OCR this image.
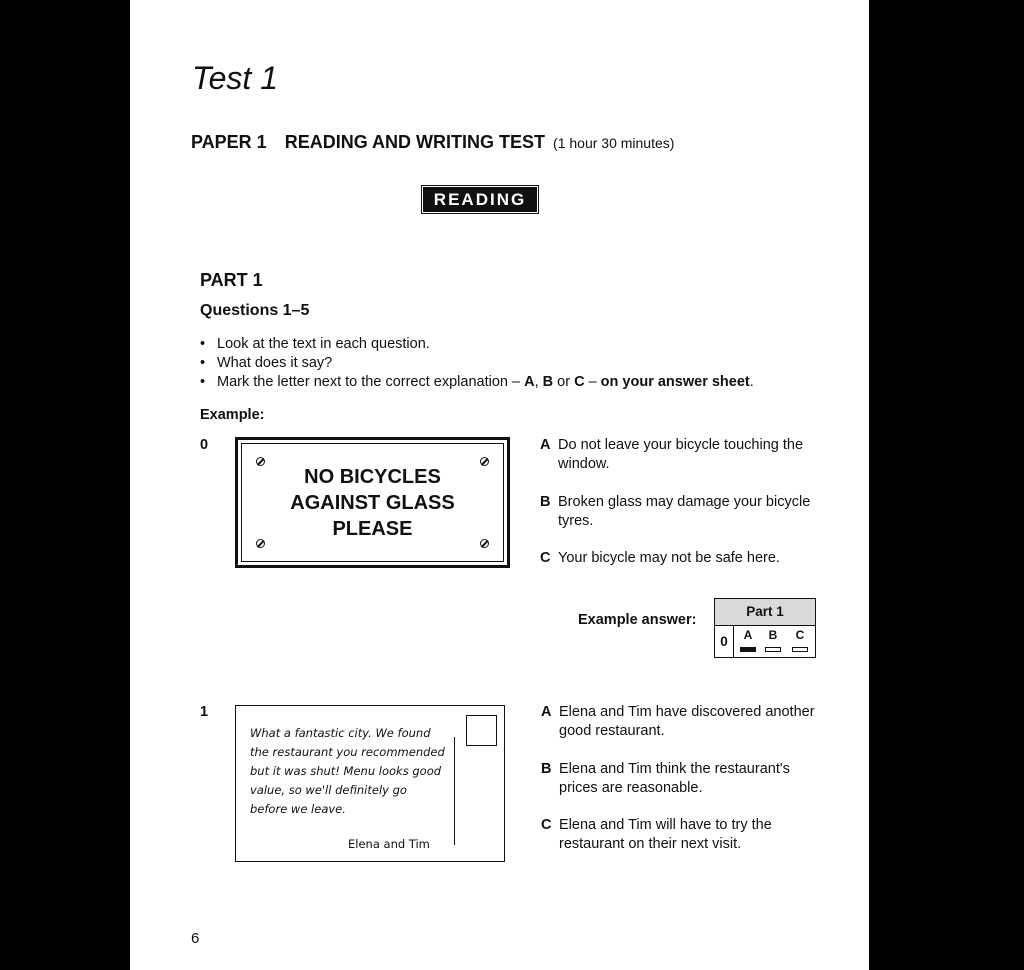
Test 1
PAPER 1 READING AND WRITING TEST (1 hour 30 minutes)
READING
PART 1
Questions 1–5
• Look at the text in each question.
• What does it say?
• Mark the letter next to the correct explanation – A, B or C – on your answer sheet.
Example:
0
NO BICYCLES
AGAINST GLASS
PLEASE
A Do not leave your bicycle touching the window.
B Broken glass may damage your bicycle tyres.
C Your bicycle may not be safe here.
Example answer:
Part 1
0	A	B	C
1
What a fantastic city. We found the restaurant you recommended but it was shut! Menu looks good value, so we'll definitely go before we leave.
Elena and Tim
A Elena and Tim have discovered another good restaurant.
B Elena and Tim think the restaurant's prices are reasonable.
C Elena and Tim will have to try the restaurant on their next visit.
6
